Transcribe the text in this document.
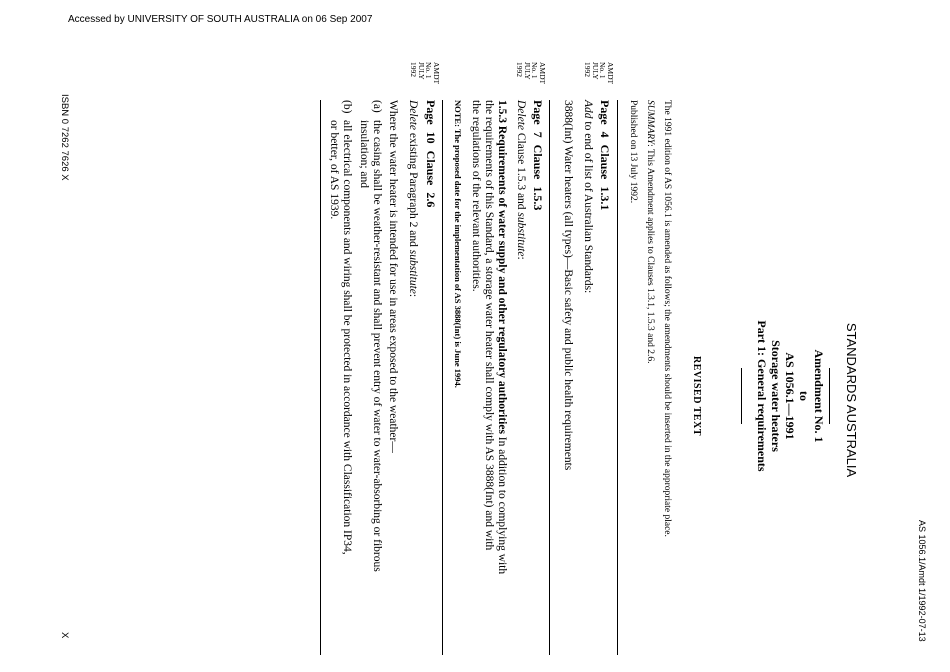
Accessed by UNIVERSITY OF SOUTH AUSTRALIA on 06 Sep 2007
AS 1056.1/Amdt 1/1992-07-13
STANDARDS AUSTRALIA
Amendment No. 1
to
AS 1056.1—1991
Storage water heaters
Part 1: General requirements
REVISED TEXT
The 1991 edition of AS 1056.1 is amended as follows; the amendments should be inserted in the appropriate place.
SUMMARY: This Amendment applies to Clauses 1.3.1, 1.5.3 and 2.6.
Published on 13 July 1992.
AMDT
No. 1
JULY
1992
Page 4 Clause 1.3.1
Add to end of list of Australian Standards:
3888(Int) Water heaters (all types)—Basic safety and public health requirements
AMDT
No. 1
JULY
1992
Page 7 Clause 1.5.3
Delete Clause 1.5.3 and substitute:
1.5.3 Requirements of water supply and other regulatory authorities In addition to complying with
the requirements of this Standard, a storage water heater shall comply with AS 3888(Int) and with
the regulations of the relevant authorities.
NOTE: The proposed date for the implementation of AS 3888(Int) is June 1994.
AMDT
No. 1
JULY
1992
Page 10 Clause 2.6
Delete existing Paragraph 2 and substitute:
Where the water heater is intended for use in areas exposed to the weather—
(a)
the casing shall be weather-resistant and shall prevent entry of water to water-absorbing or fibrous
insulation; and
(b)
all electrical components and wiring shall be protected in accordance with Classification IP34,
or better, of AS 1939.
ISBN 0 7262 7626 X
X
